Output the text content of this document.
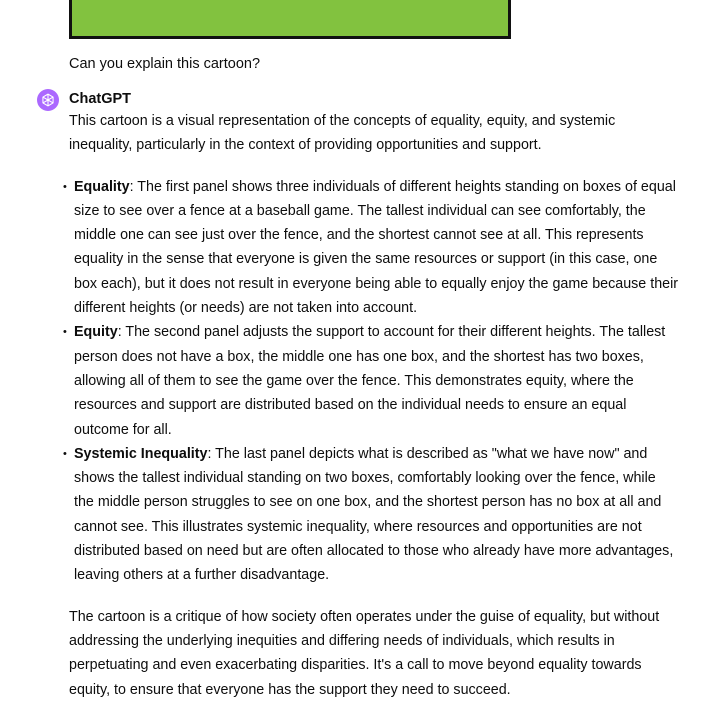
Can you explain this cartoon?
ChatGPT

This cartoon is a visual representation of the concepts of equality, equity, and systemic inequality, particularly in the context of providing opportunities and support.

• Equality: The first panel shows three individuals of different heights standing on boxes of equal size to see over a fence at a baseball game. The tallest individual can see comfortably, the middle one can see just over the fence, and the shortest cannot see at all. This represents equality in the sense that everyone is given the same resources or support (in this case, one box each), but it does not result in everyone being able to equally enjoy the game because their different heights (or needs) are not taken into account.
• Equity: The second panel adjusts the support to account for their different heights. The tallest person does not have a box, the middle one has one box, and the shortest has two boxes, allowing all of them to see the game over the fence. This demonstrates equity, where the resources and support are distributed based on the individual needs to ensure an equal outcome for all.
• Systemic Inequality: The last panel depicts what is described as "what we have now" and shows the tallest individual standing on two boxes, comfortably looking over the fence, while the middle person struggles to see on one box, and the shortest person has no box at all and cannot see. This illustrates systemic inequality, where resources and opportunities are not distributed based on need but are often allocated to those who already have more advantages, leaving others at a further disadvantage.

The cartoon is a critique of how society often operates under the guise of equality, but without addressing the underlying inequities and differing needs of individuals, which results in perpetuating and even exacerbating disparities. It's a call to move beyond equality towards equity, to ensure that everyone has the support they need to succeed.
